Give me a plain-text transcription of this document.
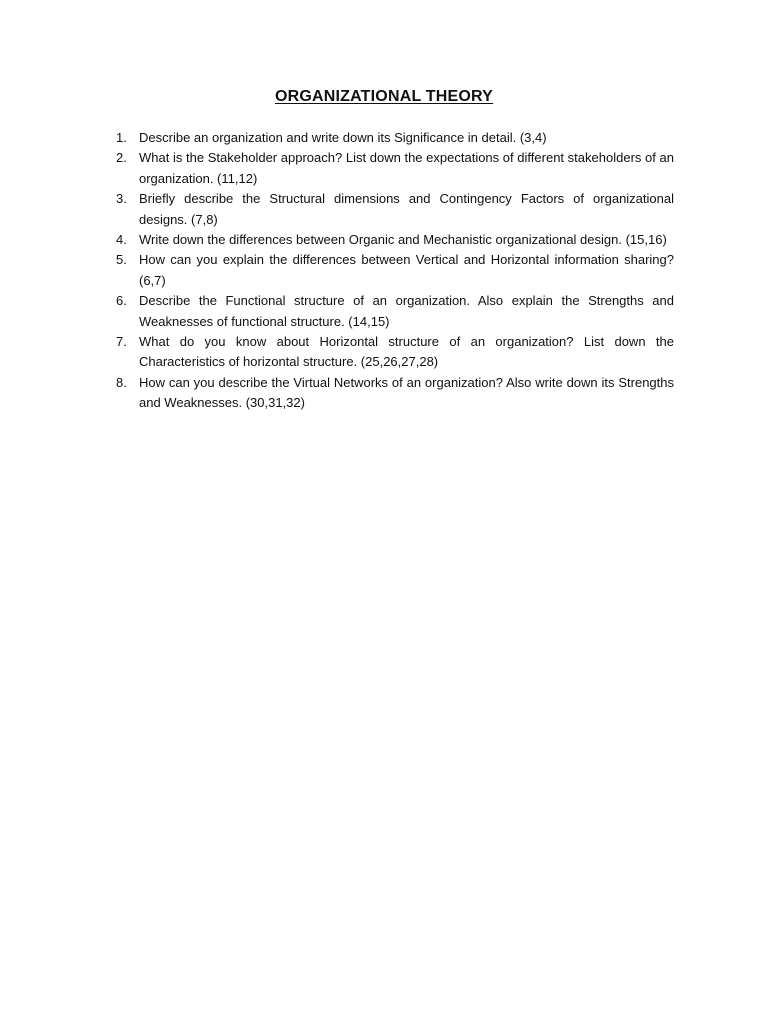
ORGANIZATIONAL THEORY
1. Describe an organization and write down its Significance in detail. (3,4)
2. What is the Stakeholder approach? List down the expectations of different stakeholders of an organization. (11,12)
3. Briefly describe the Structural dimensions and Contingency Factors of organizational designs. (7,8)
4. Write down the differences between Organic and Mechanistic organizational design. (15,16)
5. How can you explain the differences between Vertical and Horizontal information sharing? (6,7)
6. Describe the Functional structure of an organization. Also explain the Strengths and Weaknesses of functional structure. (14,15)
7. What do you know about Horizontal structure of an organization? List down the Characteristics of horizontal structure. (25,26,27,28)
8. How can you describe the Virtual Networks of an organization? Also write down its Strengths and Weaknesses. (30,31,32)
